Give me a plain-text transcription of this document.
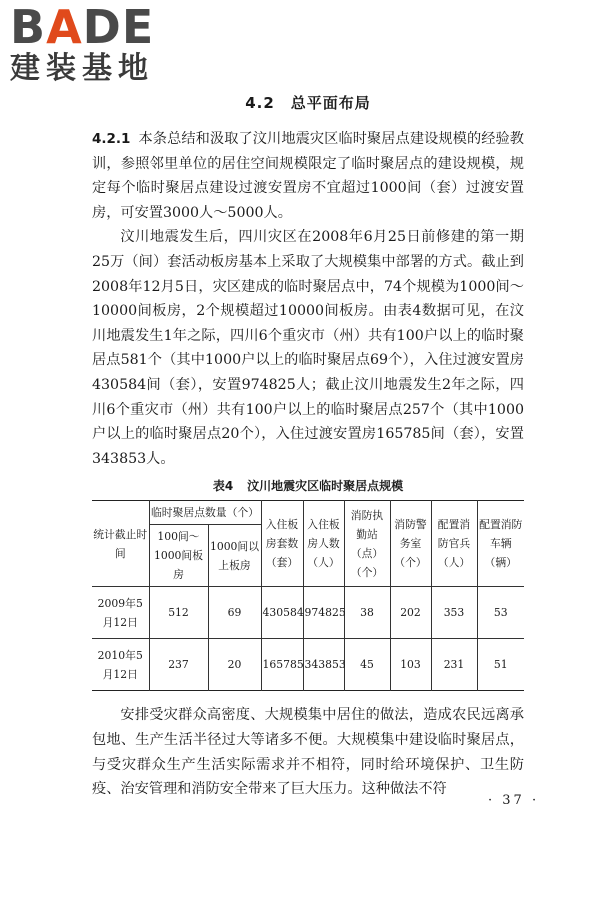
B A DE
建装基地
4.2　总平面布局

4.2.1 本条总结和汲取了汶川地震灾区临时聚居点建设规模的经验教训，参照邻里单位的居住空间规模限定了临时聚居点的建设规模，规定每个临时聚居点建设过渡安置房不宜超过1000间（套）过渡安置房，可安置3000人～5000人。

汶川地震发生后，四川灾区在2008年6月25日前修建的第一期25万（间）套活动板房基本上采取了大规模集中部署的方式。截止到2008年12月5日，灾区建成的临时聚居点中，74个规模为1000间～10000间板房，2个规模超过10000间板房。由表4数据可见，在汶川地震发生1年之际，四川6个重灾市（州）共有100户以上的临时聚居点581个（其中1000户以上的临时聚居点69个），入住过渡安置房430584间（套），安置974825人；截止汶川地震发生2年之际，四川6个重灾市（州）共有100户以上的临时聚居点257个（其中1000户以上的临时聚居点20个），入住过渡安置房165785间（套），安置343853人。

表4 汶川地震灾区临时聚居点规模
统计截止时间	临时聚居点数量（个）		入住板房套数（套）	入住板房人数（人）	消防执勤站（点）（个）	消防警务室（个）	配置消防官兵（人）	配置消防车辆（辆）
	100间～1000间板房	1000间以上板房						
2009年5月12日	512	69	430584	974825	38	202	353	53
2010年5月12日	237	20	165785	343853	45	103	231	51

安排受灾群众高密度、大规模集中居住的做法，造成农民远离承包地、生产生活半径过大等诸多不便。大规模集中建设临时聚居点，与受灾群众生产生活实际需求并不相符，同时给环境保护、卫生防疫、治安管理和消防安全带来了巨大压力。这种做法不符

· 37 ·
